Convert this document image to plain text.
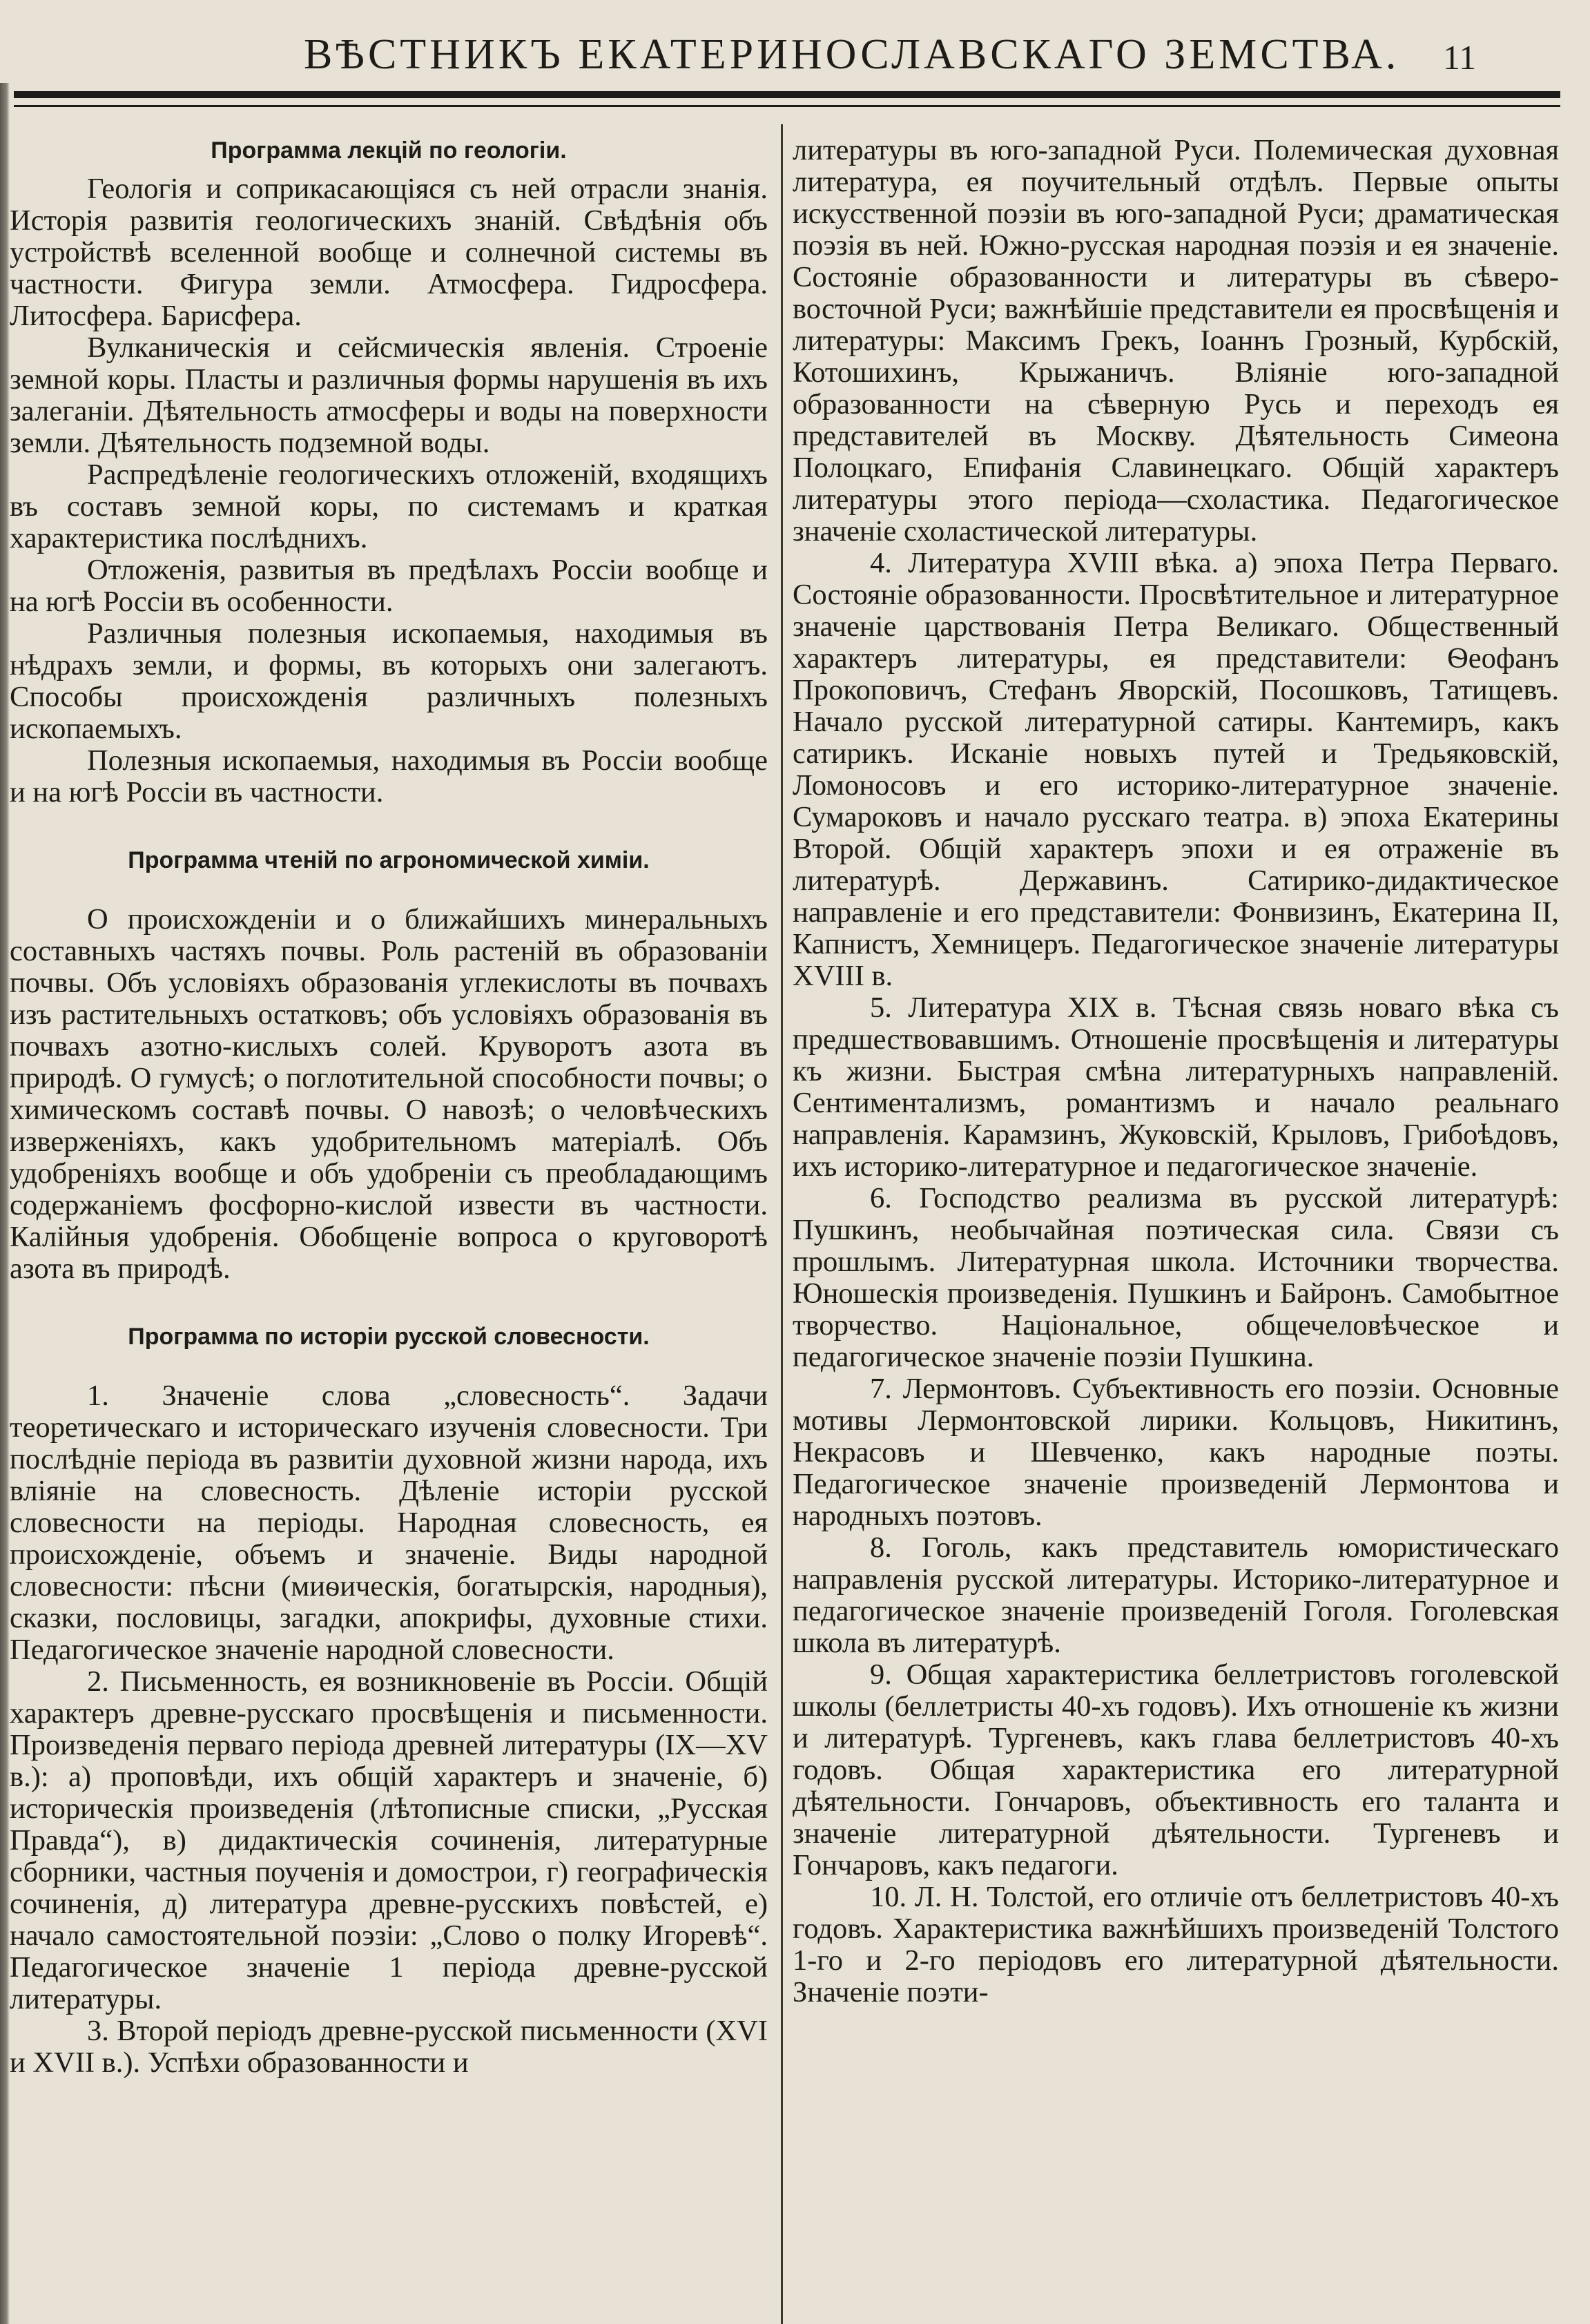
ВѢСТНИКЪ ЕКАТЕРИНОСЛАВСКАГО ЗЕМСТВА. 11
Программа лекцій по геологіи.

Геологія и соприкасающіяся съ ней отрасли знанія. Исторія развитія геологическихъ знаній. Свѣдѣнія объ устройствѣ вселенной вообще и солнечной системы въ частности. Фигура земли. Атмосфера. Гидросфера. Литосфера. Барисфера.

Вулканическія и сейсмическія явленія. Строеніе земной коры. Пласты и различныя формы нарушенія въ ихъ залеганіи. Дѣятельность атмосферы и воды на поверхности земли. Дѣятельность подземной воды.

Распредѣленіе геологическихъ отложеній, входящихъ въ составъ земной коры, по системамъ и краткая характеристика послѣднихъ.

Отложенія, развитыя въ предѣлахъ Россіи вообще и на югѣ Россіи въ особенности.

Различныя полезныя ископаемыя, находимыя въ нѣдрахъ земли, и формы, въ которыхъ они залегаютъ. Способы происхожденія различныхъ полезныхъ ископаемыхъ.

Полезныя ископаемыя, находимыя въ Россіи вообще и на югѣ Россіи въ частности.

Программа чтеній по агрономической химіи.

О происхожденіи и о ближайшихъ минеральныхъ составныхъ частяхъ почвы. Роль растеній въ образованіи почвы. Объ условіяхъ образованія углекислоты въ почвахъ изъ растительныхъ остатковъ; объ условіяхъ образованія въ почвахъ азотно-кислыхъ солей. Круворотъ азота въ природѣ. О гумусѣ; о поглотительной способности почвы; о химическомъ составѣ почвы. О навозѣ; о человѣческихъ изверженіяхъ, какъ удобрительномъ матеріалѣ. Объ удобреніяхъ вообще и объ удобреніи съ преобладающимъ содержаніемъ фосфорно-кислой извести въ частности. Калійныя удобренія. Обобщеніе вопроса о круговоротѣ азота въ природѣ.

Программа по исторіи русской словесности.

1. Значеніе слова „словесность“. Задачи теоретическаго и историческаго изученія словесности. Три послѣдніе періода въ развитіи духовной жизни народа, ихъ вліяніе на словесность. Дѣленіе исторіи русской словесности на періоды. Народная словесность, ея происхожденіе, объемъ и значеніе. Виды народной словесности: пѣсни (миѳическія, богатырскія, народныя), сказки, пословицы, загадки, апокрифы, духовные стихи. Педагогическое значеніе народной словесности.

2. Письменность, ея возникновеніе въ Россіи. Общій характеръ древне-русскаго просвѣщенія и письменности. Произведенія перваго періода древней литературы (IX—XV в.): а) проповѣди, ихъ общій характеръ и значеніе, б) историческія произведенія (лѣтописные списки, „Русская Правда“), в) дидактическія сочиненія, литературные сборники, частныя поученія и домострои, г) географическія сочиненія, д) литература древне-русскихъ повѣстей, е) начало самостоятельной поэзіи: „Слово о полку Игоревѣ“. Педагогическое значеніе 1 періода древне-русской литературы.

3. Второй періодъ древне-русской письменности (XVI и XVII в.). Успѣхи образованности и

литературы въ юго-западной Руси. Полемическая духовная литература, ея поучительный отдѣлъ. Первые опыты искусственной поэзіи въ юго-западной Руси; драматическая поэзія въ ней. Южно-русская народная поэзія и ея значеніе. Состояніе образованности и литературы въ сѣверо-восточной Руси; важнѣйшіе представители ея просвѣщенія и литературы: Максимъ Грекъ, Іоаннъ Грозный, Курбскій, Котошихинъ, Крыжаничъ. Вліяніе юго-западной образованности на сѣверную Русь и переходъ ея представителей въ Москву. Дѣятельность Симеона Полоцкаго, Епифанія Славинецкаго. Общій характеръ литературы этого періода—схоластика. Педагогическое значеніе схоластической литературы.

4. Литература XVIII вѣка. а) эпоха Петра Перваго. Состояніе образованности. Просвѣтительное и литературное значеніе царствованія Петра Великаго. Общественный характеръ литературы, ея представители: Ѳеофанъ Прокоповичъ, Стефанъ Яворскій, Посошковъ, Татищевъ. Начало русской литературной сатиры. Кантемиръ, какъ сатирикъ. Исканіе новыхъ путей и Тредьяковскій, Ломоносовъ и его историко-литературное значеніе. Сумароковъ и начало русскаго театра. в) эпоха Екатерины Второй. Общій характеръ эпохи и ея отраженіе въ литературѣ. Державинъ. Сатирико-дидактическое направленіе и его представители: Фонвизинъ, Екатерина II, Капнистъ, Хемницеръ. Педагогическое значеніе литературы XVIII в.

5. Литература XIX в. Тѣсная связь новаго вѣка съ предшествовавшимъ. Отношеніе просвѣщенія и литературы къ жизни. Быстрая смѣна литературныхъ направленій. Сентиментализмъ, романтизмъ и начало реальнаго направленія. Карамзинъ, Жуковскій, Крыловъ, Грибоѣдовъ, ихъ историко-литературное и педагогическое значеніе.

6. Господство реализма въ русской литературѣ: Пушкинъ, необычайная поэтическая сила. Связи съ прошлымъ. Литературная школа. Источники творчества. Юношескія произведенія. Пушкинъ и Байронъ. Самобытное творчество. Національное, общечеловѣческое и педагогическое значеніе поэзіи Пушкина.

7. Лермонтовъ. Субъективность его поэзіи. Основные мотивы Лермонтовской лирики. Кольцовъ, Никитинъ, Некрасовъ и Шевченко, какъ народные поэты. Педагогическое значеніе произведеній Лермонтова и народныхъ поэтовъ.

8. Гоголь, какъ представитель юмористическаго направленія русской литературы. Историко-литературное и педагогическое значеніе произведеній Гоголя. Гоголевская школа въ литературѣ.

9. Общая характеристика беллетристовъ гоголевской школы (беллетристы 40-хъ годовъ). Ихъ отношеніе къ жизни и литературѣ. Тургеневъ, какъ глава беллетристовъ 40-хъ годовъ. Общая характеристика его литературной дѣятельности. Гончаровъ, объективность его таланта и значеніе литературной дѣятельности. Тургеневъ и Гончаровъ, какъ педагоги.

10. Л. Н. Толстой, его отличіе отъ беллетристовъ 40-хъ годовъ. Характеристика важнѣйшихъ произведеній Толстого 1-го и 2-го періодовъ его литературной дѣятельности. Значеніе поэти-
